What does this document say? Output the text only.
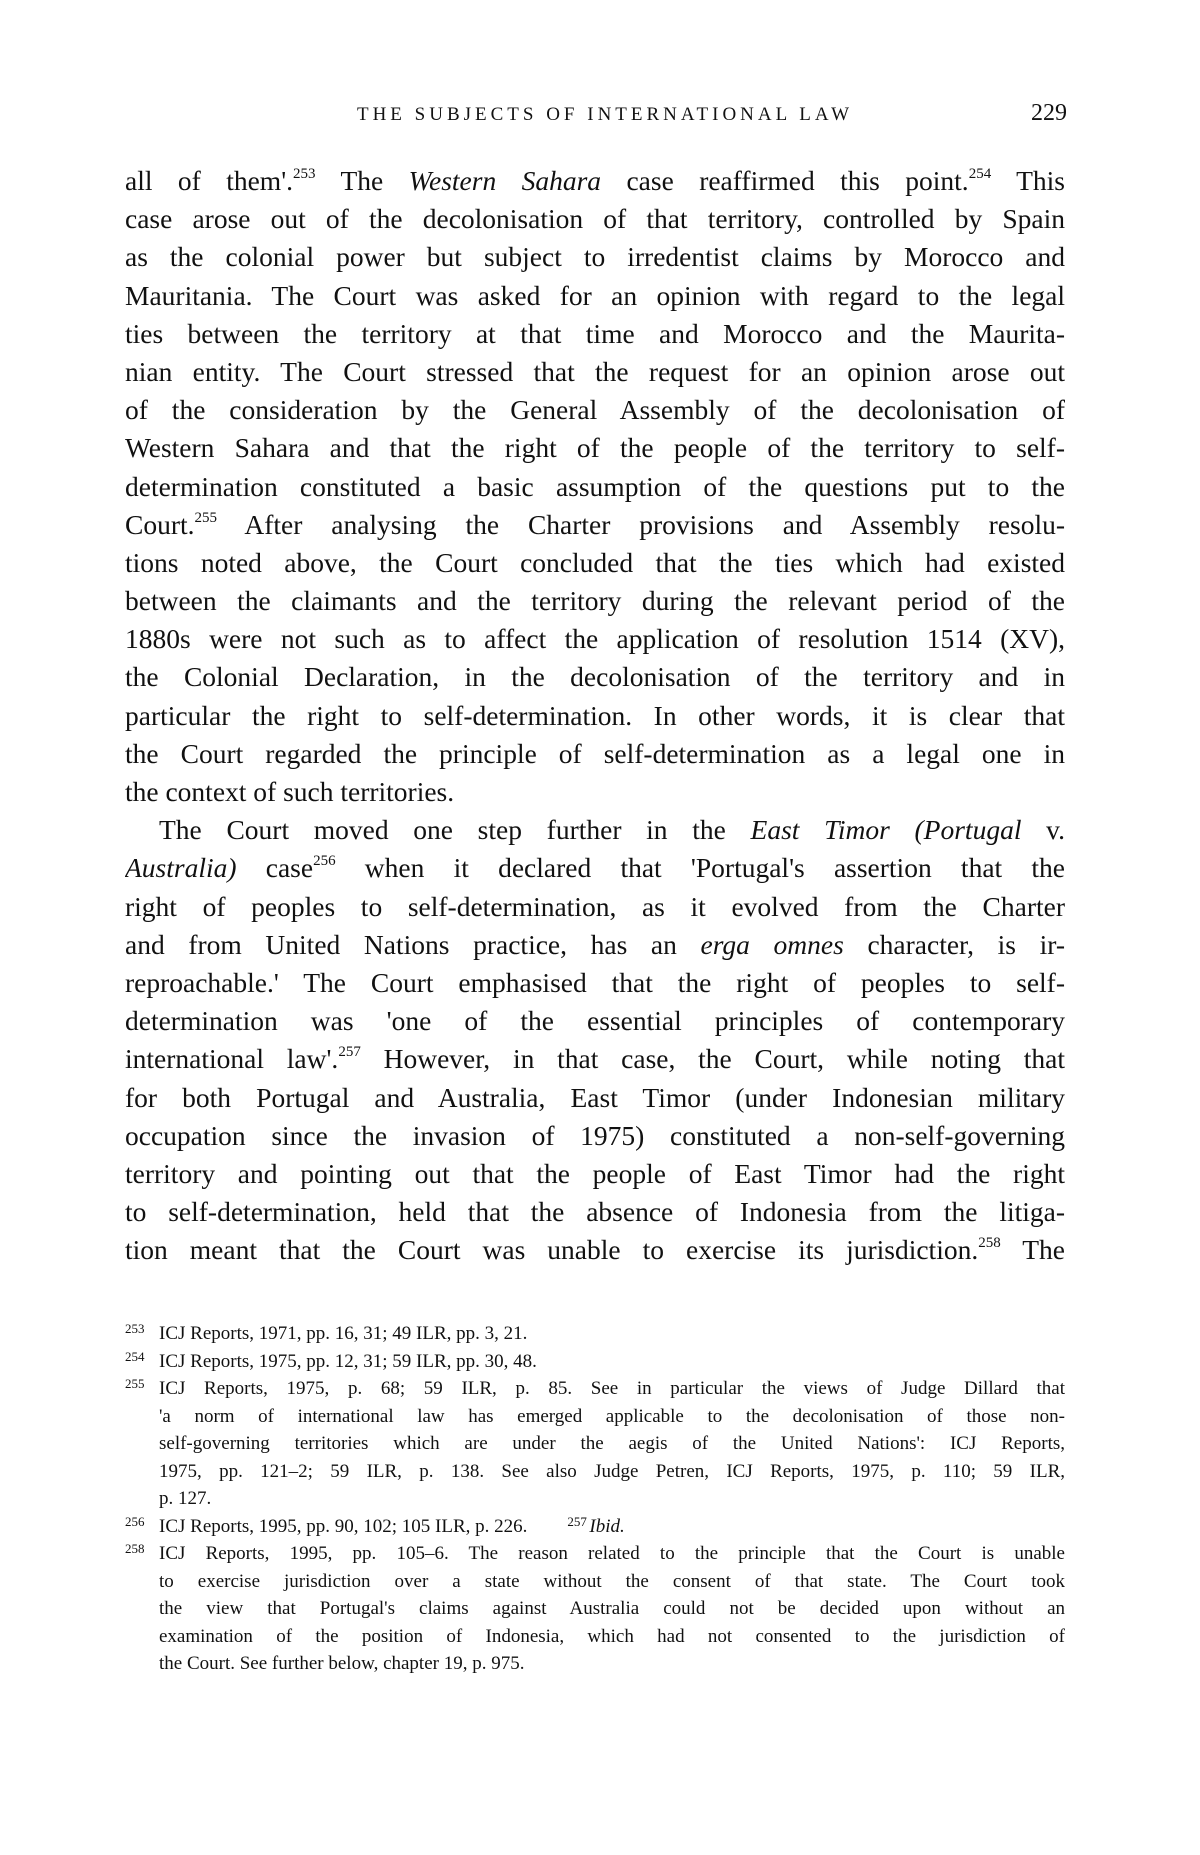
THE SUBJECTS OF INTERNATIONAL LAW	229
all of them'.$^{253}$ The Western Sahara case reaffirmed this point.$^{254}$ This
case arose out of the decolonisation of that territory, controlled by Spain
as the colonial power but subject to irredentist claims by Morocco and
Mauritania. The Court was asked for an opinion with regard to the legal
ties between the territory at that time and Morocco and the Maurita-
nian entity. The Court stressed that the request for an opinion arose out
of the consideration by the General Assembly of the decolonisation of
Western Sahara and that the right of the people of the territory to self-
determination constituted a basic assumption of the questions put to the
Court.$^{255}$ After analysing the Charter provisions and Assembly resolu-
tions noted above, the Court concluded that the ties which had existed
between the claimants and the territory during the relevant period of the
1880s were not such as to affect the application of resolution 1514 (XV),
the Colonial Declaration, in the decolonisation of the territory and in
particular the right to self-determination. In other words, it is clear that
the Court regarded the principle of self-determination as a legal one in
the context of such territories.
The Court moved one step further in the East Timor (Portugal v.
Australia) case$^{256}$ when it declared that 'Portugal's assertion that the
right of peoples to self-determination, as it evolved from the Charter
and from United Nations practice, has an erga omnes character, is ir-
reproachable.' The Court emphasised that the right of peoples to self-
determination was 'one of the essential principles of contemporary
international law'.$^{257}$ However, in that case, the Court, while noting that
for both Portugal and Australia, East Timor (under Indonesian military
occupation since the invasion of 1975) constituted a non-self-governing
territory and pointing out that the people of East Timor had the right
to self-determination, held that the absence of Indonesia from the litiga-
tion meant that the Court was unable to exercise its jurisdiction.$^{258}$ The
253 ICJ Reports, 1971, pp. 16, 31; 49 ILR, pp. 3, 21.
254 ICJ Reports, 1975, pp. 12, 31; 59 ILR, pp. 30, 48.
255 ICJ Reports, 1975, p. 68; 59 ILR, p. 85. See in particular the views of Judge Dillard that
'a norm of international law has emerged applicable to the decolonisation of those non-
self-governing territories which are under the aegis of the United Nations': ICJ Reports,
1975, pp. 121–2; 59 ILR, p. 138. See also Judge Petren, ICJ Reports, 1975, p. 110; 59 ILR,
p. 127.
256 ICJ Reports, 1995, pp. 90, 102; 105 ILR, p. 226.	257 Ibid.
258 ICJ Reports, 1995, pp. 105–6. The reason related to the principle that the Court is unable
to exercise jurisdiction over a state without the consent of that state. The Court took
the view that Portugal's claims against Australia could not be decided upon without an
examination of the position of Indonesia, which had not consented to the jurisdiction of
the Court. See further below, chapter 19, p. 975.
